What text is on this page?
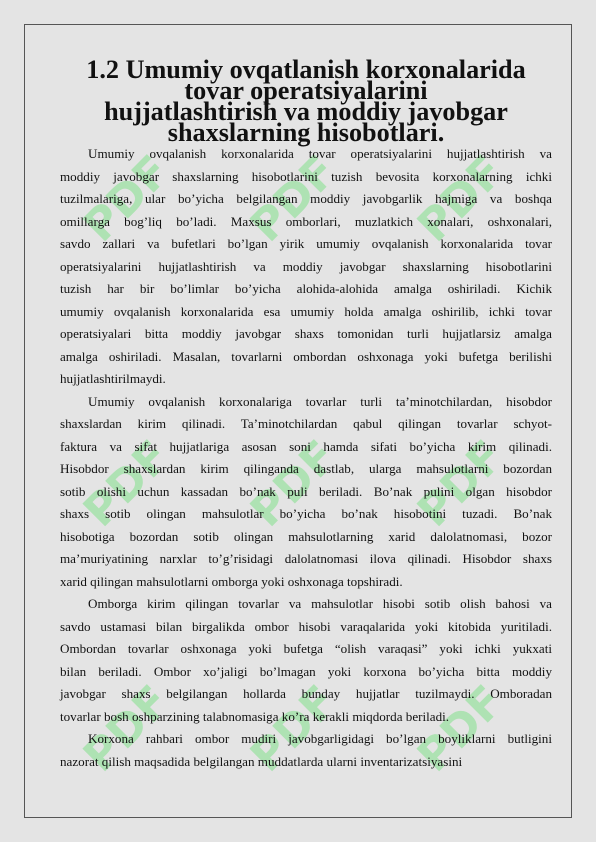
PDF PDF PDF
PDF PDF PDF
PDF PDF PDF
1.2 Umumiy ovqatlanish korxonalarida tovar operatsiyalarini
hujjatlashtirish va moddiy javobgar shaxslarning hisobotlari.

Umumiy ovqalanish korxonalarida tovar operatsiyalarini hujjatlashtirish va
moddiy javobgar shaxslarning hisobotlarini tuzish bevosita korxonalarning ichki
tuzilmalariga, ular bo’yicha belgilangan moddiy javobgarlik hajmiga va boshqa
omillarga bog’liq bo’ladi. Maxsus omborlari, muzlatkich xonalari, oshxonalari,
savdo zallari va bufetlari bo’lgan yirik umumiy ovqalanish korxonalarida tovar
operatsiyalarini hujjatlashtirish va moddiy javobgar shaxslarning hisobotlarini
tuzish har bir bo’limlar bo’yicha alohida-alohida amalga oshiriladi. Kichik
umumiy ovqalanish korxonalarida esa umumiy holda amalga oshirilib, ichki tovar
operatsiyalari bitta moddiy javobgar shaxs tomonidan turli hujjatlarsiz amalga
amalga oshiriladi. Masalan, tovarlarni ombordan oshxonaga yoki bufetga berilishi
hujjatlashtirilmaydi.

Umumiy ovqalanish korxonalariga tovarlar turli ta’minotchilardan, hisobdor
shaxslardan kirim qilinadi. Ta’minotchilardan qabul qilingan tovarlar schyot-
faktura va sifat hujjatlariga asosan soni hamda sifati bo’yicha kirim qilinadi.
Hisobdor shaxslardan kirim qilinganda dastlab, ularga mahsulotlarni bozordan
sotib olishi uchun kassadan bo’nak puli beriladi. Bo’nak pulini olgan hisobdor
shaxs sotib olingan mahsulotlar bo’yicha bo’nak hisobotini tuzadi. Bo’nak
hisobotiga bozordan sotib olingan mahsulotlarning xarid dalolatnomasi, bozor
ma’muriyatining narxlar to’g’risidagi dalolatnomasi ilova qilinadi. Hisobdor shaxs
xarid qilingan mahsulotlarni omborga yoki oshxonaga topshiradi.

Omborga kirim qilingan tovarlar va mahsulotlar hisobi sotib olish bahosi va
savdo ustamasi bilan birgalikda ombor hisobi varaqalarida yoki kitobida yuritiladi.
Ombordan tovarlar oshxonaga yoki bufetga “olish varaqasi” yoki ichki yukxati
bilan beriladi. Ombor xo’jaligi bo’lmagan yoki korxona bo’yicha bitta moddiy
javobgar shaxs belgilangan hollarda bunday hujjatlar tuzilmaydi. Omboradan
tovarlar bosh oshparzining talabnomasiga ko’ra kerakli miqdorda beriladi.

Korxona rahbari ombor mudiri javobgarligidagi bo’lgan boyliklarni butligini
nazorat qilish maqsadida belgilangan muddatlarda ularni inventarizatsiyasini
